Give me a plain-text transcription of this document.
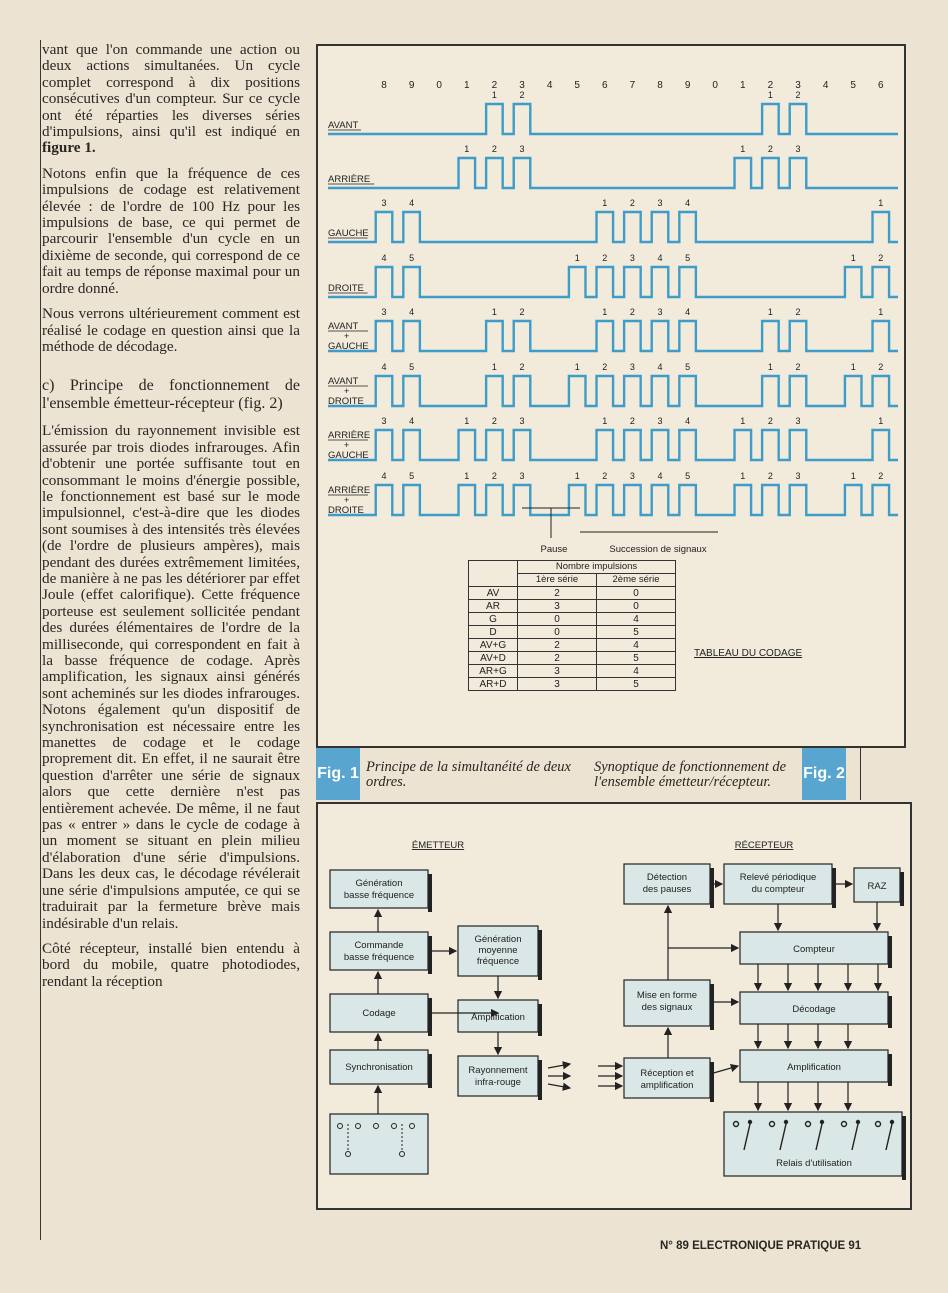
vant que l'on commande une action ou deux actions simultanées. Un cycle complet correspond à dix positions consécutives d'un compteur. Sur ce cycle ont été réparties les diverses séries d'impulsions, ainsi qu'il est indiqué en figure 1.

Notons enfin que la fréquence de ces impulsions de codage est relativement élevée : de l'ordre de 100 Hz pour les impulsions de base, ce qui permet de parcourir l'ensemble d'un cycle en un dixième de seconde, qui correspond de ce fait au temps de réponse maximal pour un ordre donné.

Nous verrons ultérieurement comment est réalisé le codage en question ainsi que la méthode de décodage.

c) Principe de fonctionnement de l'ensemble émetteur-récepteur (fig. 2)

L'émission du rayonnement invisible est assurée par trois diodes infrarouges. Afin d'obtenir une portée suffisante tout en consommant le moins d'énergie possible, le fonctionnement est basé sur le mode impulsionnel, c'est-à-dire que les diodes sont soumises à des intensités très élevées (de l'ordre de plusieurs ampères), mais pendant des durées extrêmement limitées, de manière à ne pas les détériorer par effet Joule (effet calorifique). Cette fréquence porteuse est seulement sollicitée pendant des durées élémentaires de l'ordre de la milliseconde, qui correspondent en fait à la basse fréquence de codage. Après amplification, les signaux ainsi générés sont acheminés sur les diodes infrarouges. Notons également qu'un dispositif de synchronisation est nécessaire entre les manettes de codage et le codage proprement dit. En effet, il ne saurait être question d'arrêter une série de signaux alors que cette dernière n'est pas entièrement achevée. De même, il ne faut pas « entrer » dans le cycle de codage à un moment se situant en plein milieu d'élaboration d'une série d'impulsions. Dans les deux cas, le décodage révélerait une série d'impulsions amputée, ce qui se traduirait par la fermeture brève mais indésirable d'un relais.

Côté récepteur, installé bien entendu à bord du mobile, quatre photodiodes, rendant la réception

8 9 0 1 2 3 4 5 6 7 8 9 0 1 2 3 4 5 6
AVANT
1	2	1	2
ARRIÈRE
1	2	3	1	2	3
GAUCHE
3	4	1	2	3	4	1
DROITE
4	5	1	2	3	4	5	1	2
AVANT
+
GAUCHE
3	4	1	2	1	2	3	4	1	2	1
AVANT
+
DROITE
4	5	1	2	1	2	3	4	5	1	2	1	2
ARRIÈRE
+
GAUCHE
3	4	1	2	3	1	2	3	4	1	2	3	1
ARRIÈRE
+
DROITE
4	5	1	2	3	1	2	3	4	5	1	2	3	1	2
Pause	Succession de signaux
	Nombre impulsions	
	1ère série	2ème série
AV	2	0
AR	3	0
G	0	4
D	0	5
AV+G	2	4
AV+D	2	5
AR+G	3	4
AR+D	3	5
TABLEAU DU CODAGE
Fig. 1 Principe de la simultanéité de deux ordres.
Synoptique de fonctionnement de l'ensemble émetteur/récepteur.	Fig. 2
ÉMETTEUR	RÉCEPTEUR
Génération
basse fréquence
Commande
basse fréquence
Codage
Synchronisation
Génération
moyenne
fréquence
Amplification
Rayonnement
infra-rouge
Détection
des pauses
Relevé périodique
du compteur	RAZ
Compteur
Mise en forme
des signaux	Décodage
Réception et
amplification
Amplification
Relais d'utilisation
N° 89 ELECTRONIQUE PRATIQUE 91
